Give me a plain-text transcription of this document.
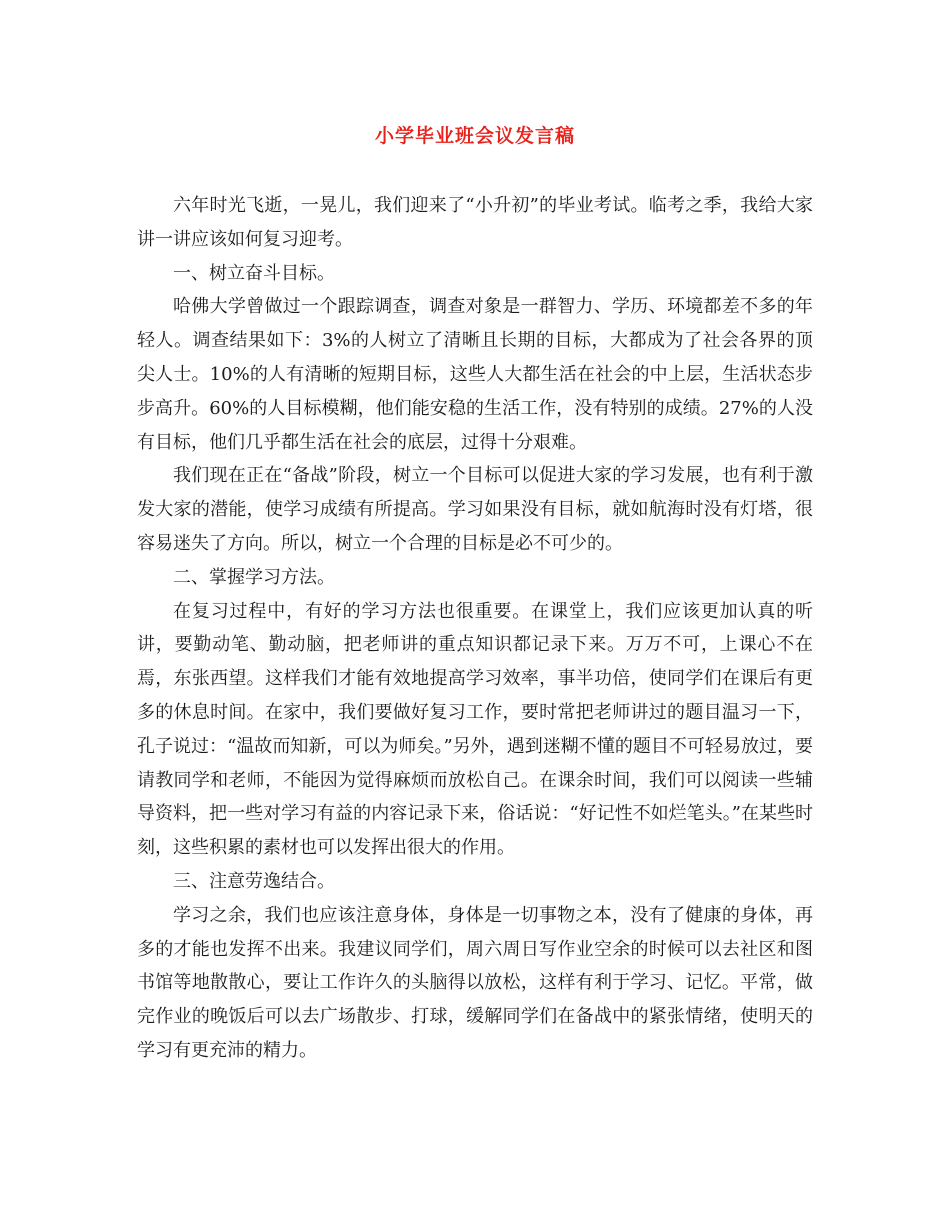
小学毕业班会议发言稿

六年时光飞逝，一晃儿，我们迎来了“小升初”的毕业考试。临考之季，我给大家讲一讲应该如何复习迎考。

一、树立奋斗目标。

哈佛大学曾做过一个跟踪调查，调查对象是一群智力、学历、环境都差不多的年轻人。调查结果如下：3%的人树立了清晰且长期的目标，大都成为了社会各界的顶尖人士。10%的人有清晰的短期目标，这些人大都生活在社会的中上层，生活状态步步高升。60%的人目标模糊，他们能安稳的生活工作，没有特别的成绩。27%的人没有目标，他们几乎都生活在社会的底层，过得十分艰难。

我们现在正在“备战”阶段，树立一个目标可以促进大家的学习发展，也有利于激发大家的潜能，使学习成绩有所提高。学习如果没有目标，就如航海时没有灯塔，很容易迷失了方向。所以，树立一个合理的目标是必不可少的。

二、掌握学习方法。

在复习过程中，有好的学习方法也很重要。在课堂上，我们应该更加认真的听讲，要勤动笔、勤动脑，把老师讲的重点知识都记录下来。万万不可，上课心不在焉，东张西望。这样我们才能有效地提高学习效率，事半功倍，使同学们在课后有更多的休息时间。在家中，我们要做好复习工作，要时常把老师讲过的题目温习一下，孔子说过：“温故而知新，可以为师矣。”另外，遇到迷糊不懂的题目不可轻易放过，要请教同学和老师，不能因为觉得麻烦而放松自己。在课余时间，我们可以阅读一些辅导资料，把一些对学习有益的内容记录下来，俗话说：“好记性不如烂笔头。”在某些时刻，这些积累的素材也可以发挥出很大的作用。

三、注意劳逸结合。

学习之余，我们也应该注意身体，身体是一切事物之本，没有了健康的身体，再多的才能也发挥不出来。我建议同学们，周六周日写作业空余的时候可以去社区和图书馆等地散散心，要让工作许久的头脑得以放松，这样有利于学习、记忆。平常，做完作业的晚饭后可以去广场散步、打球，缓解同学们在备战中的紧张情绪，使明天的学习有更充沛的精力。
